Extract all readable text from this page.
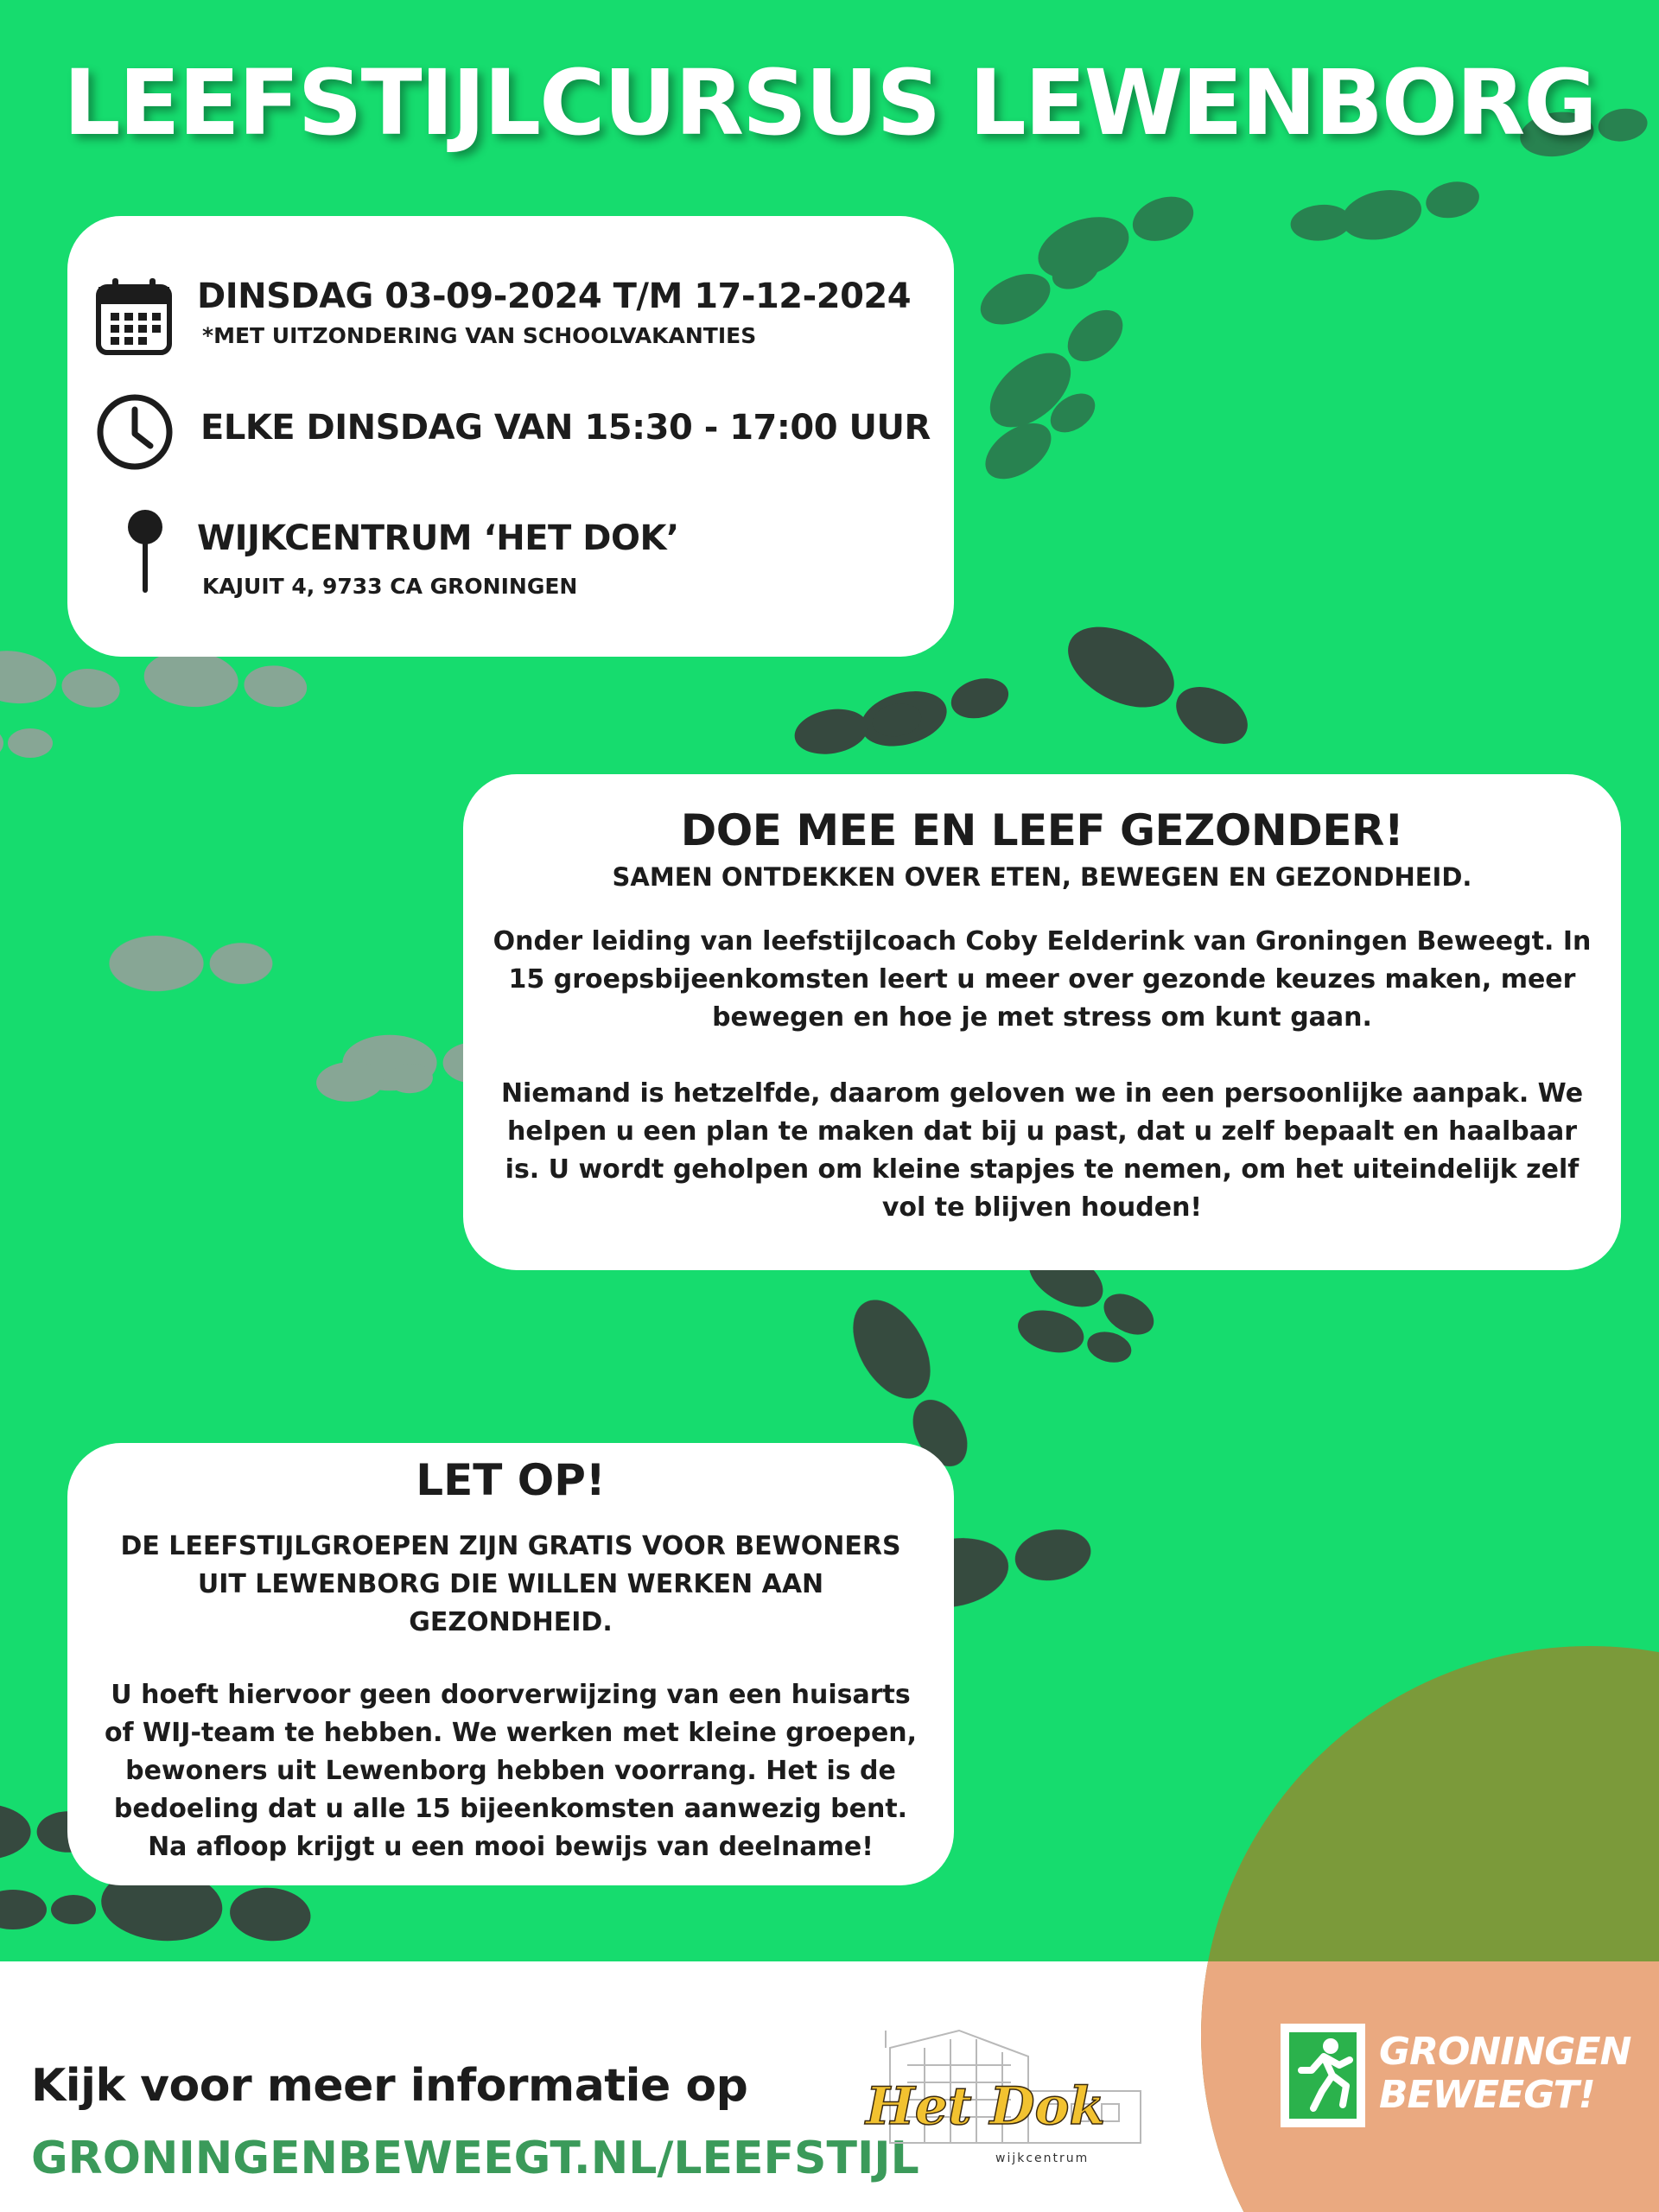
LEEFSTIJLCURSUS LEWENBORG
DINSDAG 03-09-2024 T/M 17-12-2024
*MET UITZONDERING VAN SCHOOLVAKANTIES
ELKE DINSDAG VAN 15:30 - 17:00 UUR
WIJKCENTRUM ‘HET DOK’
KAJUIT 4, 9733 CA GRONINGEN
DOE MEE EN LEEF GEZONDER!
SAMEN ONTDEKKEN OVER ETEN, BEWEGEN EN GEZONDHEID.

Onder leiding van leefstijlcoach Coby Eelderink van Groningen Beweegt. In 15 groepsbijeenkomsten leert u meer over gezonde keuzes maken, meer bewegen en hoe je met stress om kunt gaan.

Niemand is hetzelfde, daarom geloven we in een persoonlijke aanpak. We helpen u een plan te maken dat bij u past, dat u zelf bepaalt en haalbaar is. U wordt geholpen om kleine stapjes te nemen, om het uiteindelijk zelf vol te blijven houden!

LET OP!
DE LEEFSTIJLGROEPEN ZIJN GRATIS VOOR BEWONERS UIT LEWENBORG DIE WILLEN WERKEN AAN GEZONDHEID.
U hoeft hiervoor geen doorverwijzing van een huisarts of WIJ-team te hebben. We werken met kleine groepen, bewoners uit Lewenborg hebben voorrang. Het is de bedoeling dat u alle 15 bijeenkomsten aanwezig bent. Na afloop krijgt u een mooi bewijs van deelname!

Kijk voor meer informatie op

GRONINGENBEWEEGT.NL/LEEFSTIJL

Het Dok
wijkcentrum
GRONINGEN
BEWEEGT!
